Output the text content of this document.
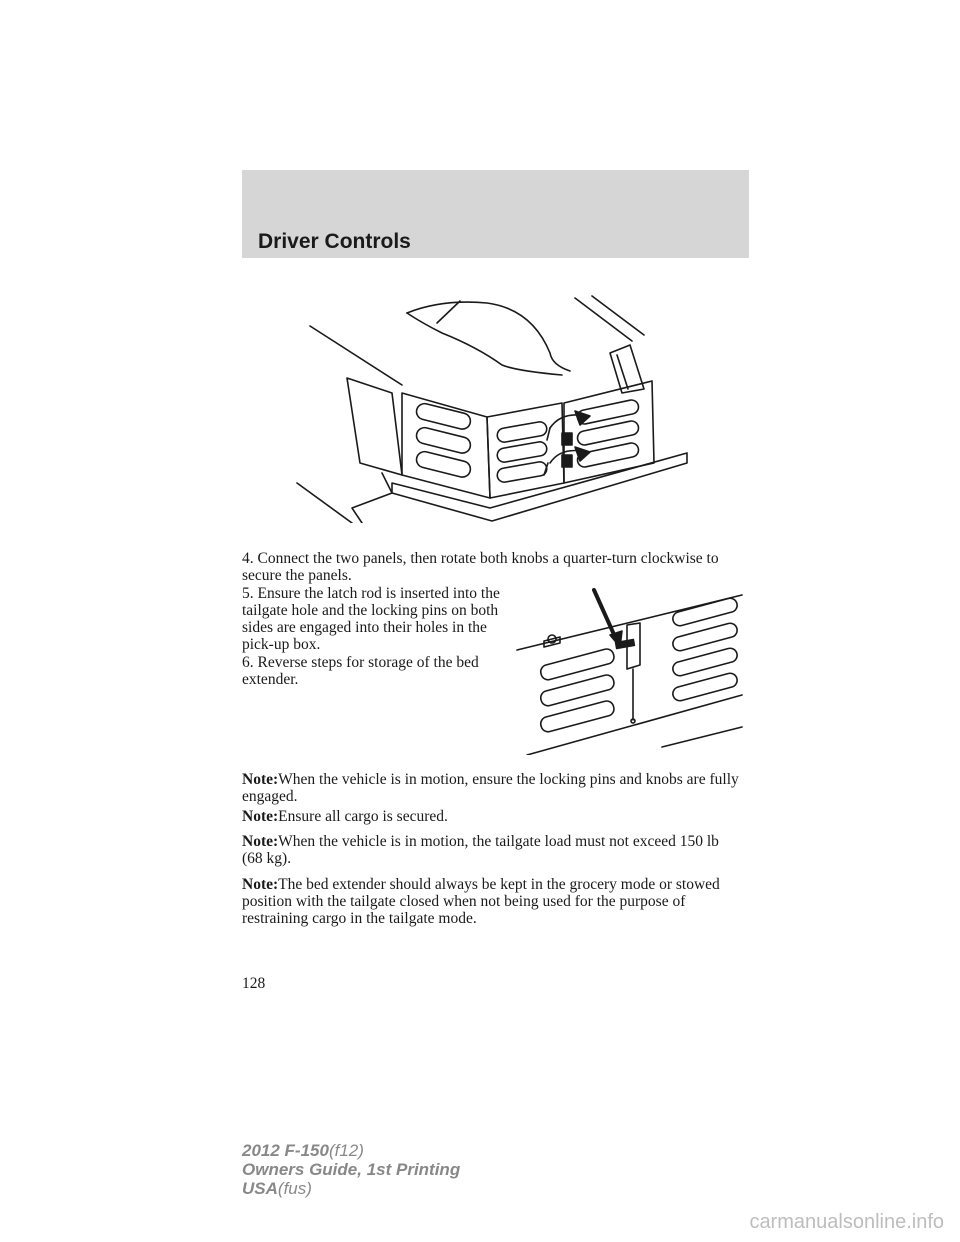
Driver Controls

4. Connect the two panels, then rotate both knobs a quarter-turn clockwise to secure the panels.

5. Ensure the latch rod is inserted into the tailgate hole and the locking pins on both sides are engaged into their holes in the pick-up box.

6. Reverse steps for storage of the bed extender.

Note:When the vehicle is in motion, ensure the locking pins and knobs are fully engaged.

Note:Ensure all cargo is secured.

Note:When the vehicle is in motion, the tailgate load must not exceed 150 lb (68 kg).

Note:The bed extender should always be kept in the grocery mode or stowed position with the tailgate closed when not being used for the purpose of restraining cargo in the tailgate mode.

128
2012 F-150(f12)
Owners Guide, 1st Printing
USA(fus)
carmanualsonline.info
